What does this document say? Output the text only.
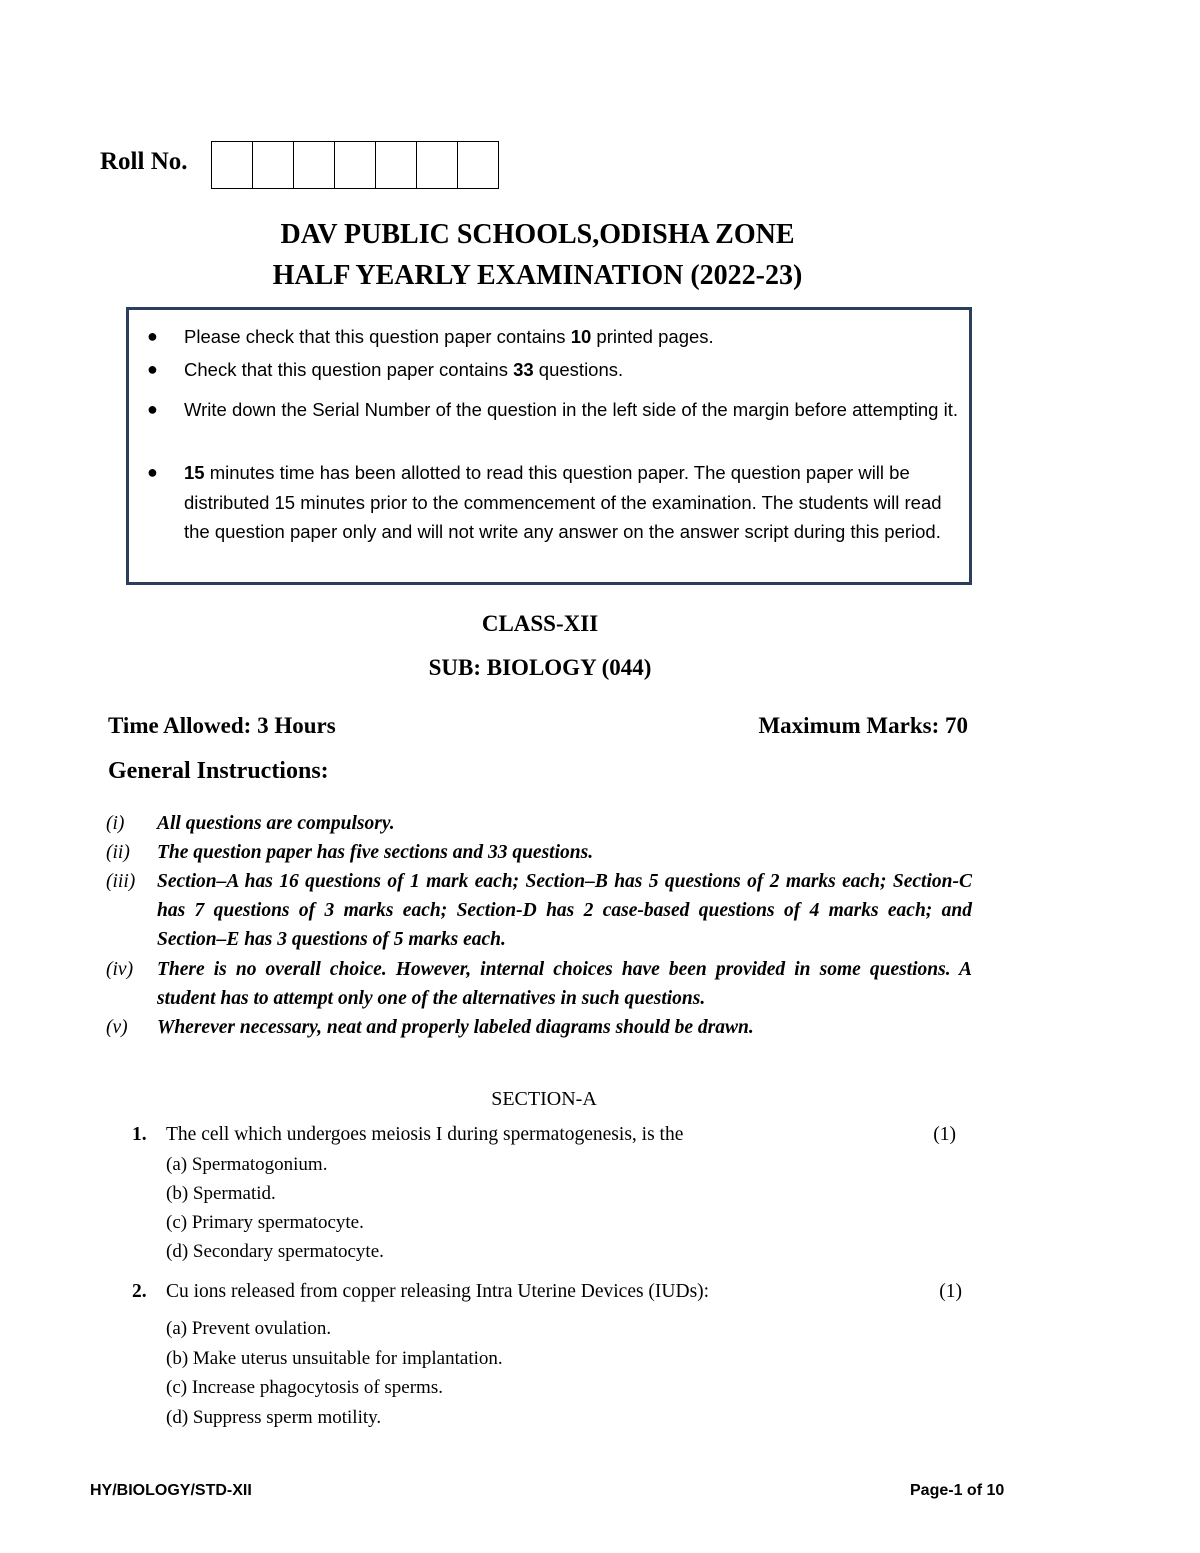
Roll No.
DAV PUBLIC SCHOOLS,ODISHA ZONE
HALF YEARLY EXAMINATION (2022-23)
● Please check that this question paper contains 10 printed pages.
● Check that this question paper contains 33 questions.
● Write down the Serial Number of the question in the left side of the margin before attempting it.
● 15 minutes time has been allotted to read this question paper. The question paper will be distributed 15 minutes prior to the commencement of the examination. The students will read the question paper only and will not write any answer on the answer script during this period.
CLASS-XII
SUB: BIOLOGY (044)
Time Allowed: 3 Hours	Maximum Marks: 70
General Instructions:
(i) All questions are compulsory.
(ii) The question paper has five sections and 33 questions.
(iii) Section–A has 16 questions of 1 mark each; Section–B has 5 questions of 2 marks each; Section-C has 7 questions of 3 marks each; Section-D has 2 case-based questions of 4 marks each; and Section–E has 3 questions of 5 marks each.
(iv) There is no overall choice. However, internal choices have been provided in some questions. A student has to attempt only one of the alternatives in such questions.
(v) Wherever necessary, neat and properly labeled diagrams should be drawn.
SECTION-A
1. The cell which undergoes meiosis I during spermatogenesis, is the	(1)
(a) Spermatogonium.
(b) Spermatid.
(c) Primary spermatocyte.
(d) Secondary spermatocyte.
2. Cu ions released from copper releasing Intra Uterine Devices (IUDs):	(1)
(a) Prevent ovulation.
(b) Make uterus unsuitable for implantation.
(c) Increase phagocytosis of sperms.
(d) Suppress sperm motility.
HY/BIOLOGY/STD-XII	Page-1 of 10
